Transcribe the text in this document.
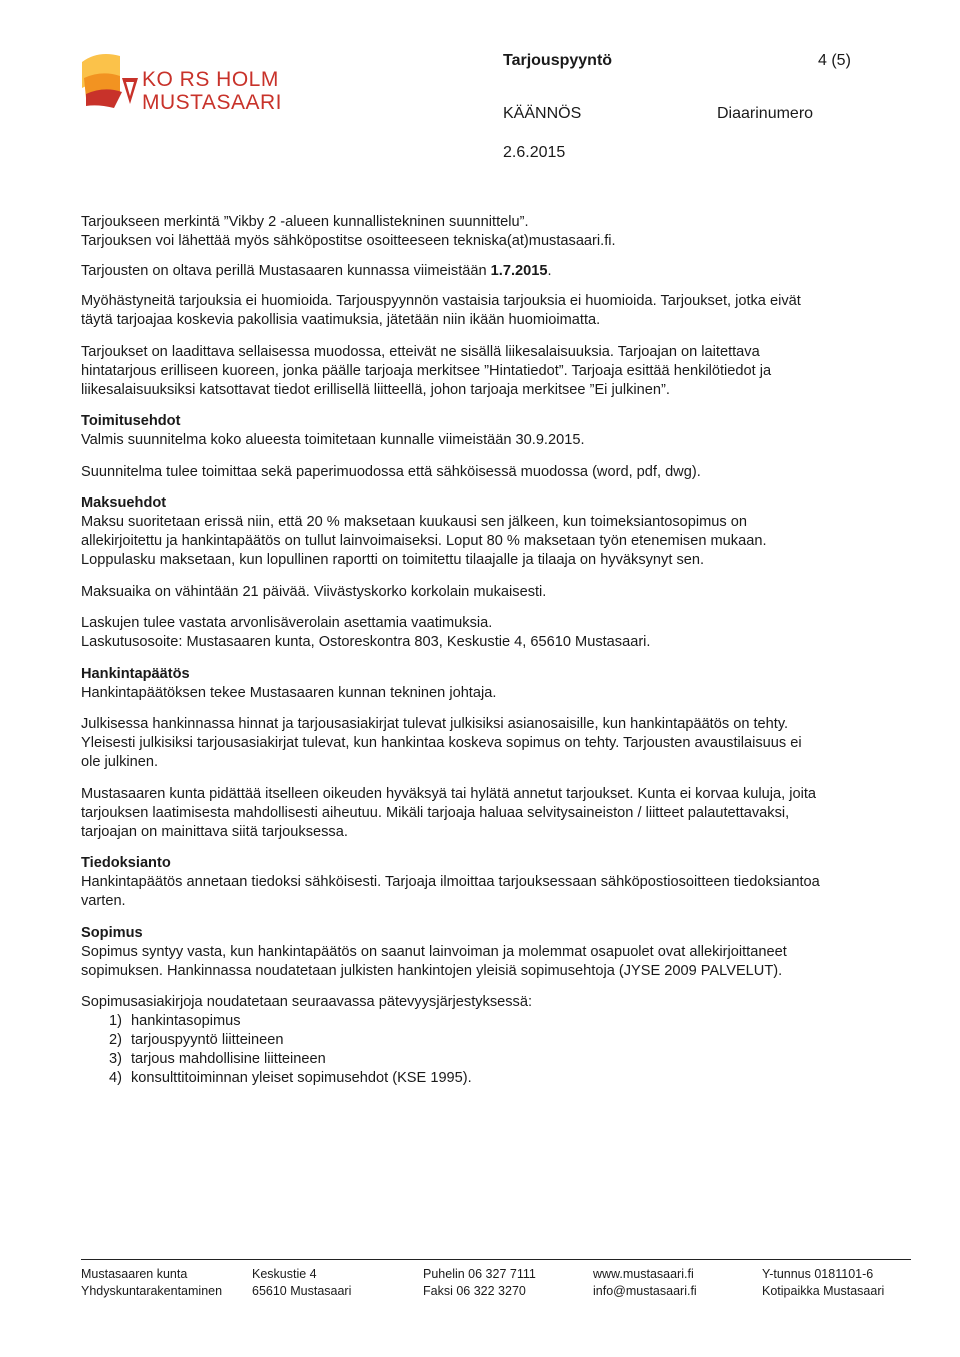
KO RS HOLM
MUSTASAARI
Tarjouspyyntö	4 (5)
KÄÄNNÖS	Diaarinumero
2.6.2015

Tarjoukseen merkintä ”Vikby 2 -alueen kunnallistekninen suunnittelu”.
Tarjouksen voi lähettää myös sähköpostitse osoitteeseen tekniska(at)mustasaari.fi.

Tarjousten on oltava perillä Mustasaaren kunnassa viimeistään 1.7.2015.

Myöhästyneitä tarjouksia ei huomioida. Tarjouspyynnön vastaisia tarjouksia ei huomioida. Tarjoukset, jotka eivät
täytä tarjoajaa koskevia pakollisia vaatimuksia, jätetään niin ikään huomioimatta.

Tarjoukset on laadittava sellaisessa muodossa, etteivät ne sisällä liikesalaisuuksia. Tarjoajan on laitettava
hintatarjous erilliseen kuoreen, jonka päälle tarjoaja merkitsee ”Hintatiedot”. Tarjoaja esittää henkilötiedot ja
liikesalaisuuksiksi katsottavat tiedot erillisellä liitteellä, johon tarjoaja merkitsee ”Ei julkinen”.

Toimitusehdot
Valmis suunnitelma koko alueesta toimitetaan kunnalle viimeistään 30.9.2015.

Suunnitelma tulee toimittaa sekä paperimuodossa että sähköisessä muodossa (word, pdf, dwg).

Maksuehdot
Maksu suoritetaan erissä niin, että 20 % maksetaan kuukausi sen jälkeen, kun toimeksiantosopimus on
allekirjoitettu ja hankintapäätös on tullut lainvoimaiseksi. Loput 80 % maksetaan työn etenemisen mukaan.
Loppulasku maksetaan, kun lopullinen raportti on toimitettu tilaajalle ja tilaaja on hyväksynyt sen.

Maksuaika on vähintään 21 päivää. Viivästyskorko korkolain mukaisesti.

Laskujen tulee vastata arvonlisäverolain asettamia vaatimuksia.
Laskutusosoite: Mustasaaren kunta, Ostoreskontra 803, Keskustie 4, 65610 Mustasaari.

Hankintapäätös
Hankintapäätöksen tekee Mustasaaren kunnan tekninen johtaja.

Julkisessa hankinnassa hinnat ja tarjousasiakirjat tulevat julkisiksi asianosaisille, kun hankintapäätös on tehty.
Yleisesti julkisiksi tarjousasiakirjat tulevat, kun hankintaa koskeva sopimus on tehty. Tarjousten avaustilaisuus ei
ole julkinen.

Mustasaaren kunta pidättää itselleen oikeuden hyväksyä tai hylätä annetut tarjoukset. Kunta ei korvaa kuluja, joita
tarjouksen laatimisesta mahdollisesti aiheutuu. Mikäli tarjoaja haluaa selvitysaineiston / liitteet palautettavaksi,
tarjoajan on mainittava siitä tarjouksessa.

Tiedoksianto
Hankintapäätös annetaan tiedoksi sähköisesti. Tarjoaja ilmoittaa tarjouksessaan sähköpostiosoitteen tiedoksiantoa
varten.

Sopimus
Sopimus syntyy vasta, kun hankintapäätös on saanut lainvoiman ja molemmat osapuolet ovat allekirjoittaneet
sopimuksen. Hankinnassa noudatetaan julkisten hankintojen yleisiä sopimusehtoja (JYSE 2009 PALVELUT).

Sopimusasiakirjoja noudatetaan seuraavassa pätevyysjärjestyksessä:
1) hankintasopimus
2) tarjouspyyntö liitteineen
3) tarjous mahdollisine liitteineen
4) konsulttitoiminnan yleiset sopimusehdot (KSE 1995).
Mustasaaren kunta
Yhdyskuntarakentaminen
Keskustie 4
65610 Mustasaari
Puhelin 06 327 7111
Faksi 06 322 3270
www.mustasaari.fi
info@mustasaari.fi
Y-tunnus 0181101-6
Kotipaikka Mustasaari
